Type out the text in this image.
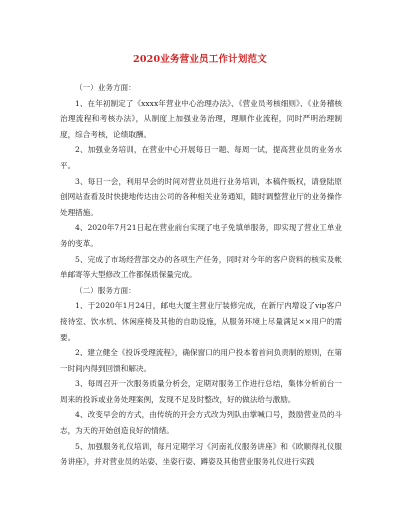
2020业务营业员工作计划范文

（一）业务方面：

1、在年初制定了《xxxx年营业中心治理办法》、《营业员考核细则》、《业务稽核治理流程和考核办法》，从制度上加强业务治理，理顺作业流程，同时严明治理制度，综合考核，论绩取酬。

2、加强业务培训，在营业中心开展每日一题、每周一试，提高营业员的业务水平。

3、每日一会，利用早会的时间对营业员进行业务培训，本稿件贩权，请登陆原创网站查看及时快捷地传达由公司的各种相关业务通知，随时调整营业厅的业务操作处理措施。

4、2020年7月21日起在营业前台实现了电子免填单服务，即实现了营业工单业务的变革。

5、完成了市场经营部交办的各项生产任务，同时对今年的客户资料的核实及帐单邮寄等大型修改工作都保质保量完成。

（二）服务方面：

1、于2020年1月24日，邮电大厦主营业厅装修完成，在新厅内增设了vip客户接待室、饮水机、休闲座椅及其他的自助设施，从服务环境上尽量满足××用户的需要。

2、建立健全《投诉受理流程》，确保窗口的用户投本着首问负责制的原则，在第一时间内得到回馈和解决。

3、每周召开一次服务质量分析会，定期对服务工作进行总结，集体分析前台一周来的投诉或业务处理案例，发现不足及时整改，好的做法给与激励。

4、改变早会的方式，由传统的开会方式改为列队由掌喊口号，鼓励营业员的斗志，为天的开始创造良好的情绪。

5、加强服务礼仪培训，每月定期学习《河南礼仪服务讲座》和《欧顺得礼仪服务讲座》，并对营业员的站姿、坐姿行姿、蹲姿及其他营业服务礼仪进行实践
